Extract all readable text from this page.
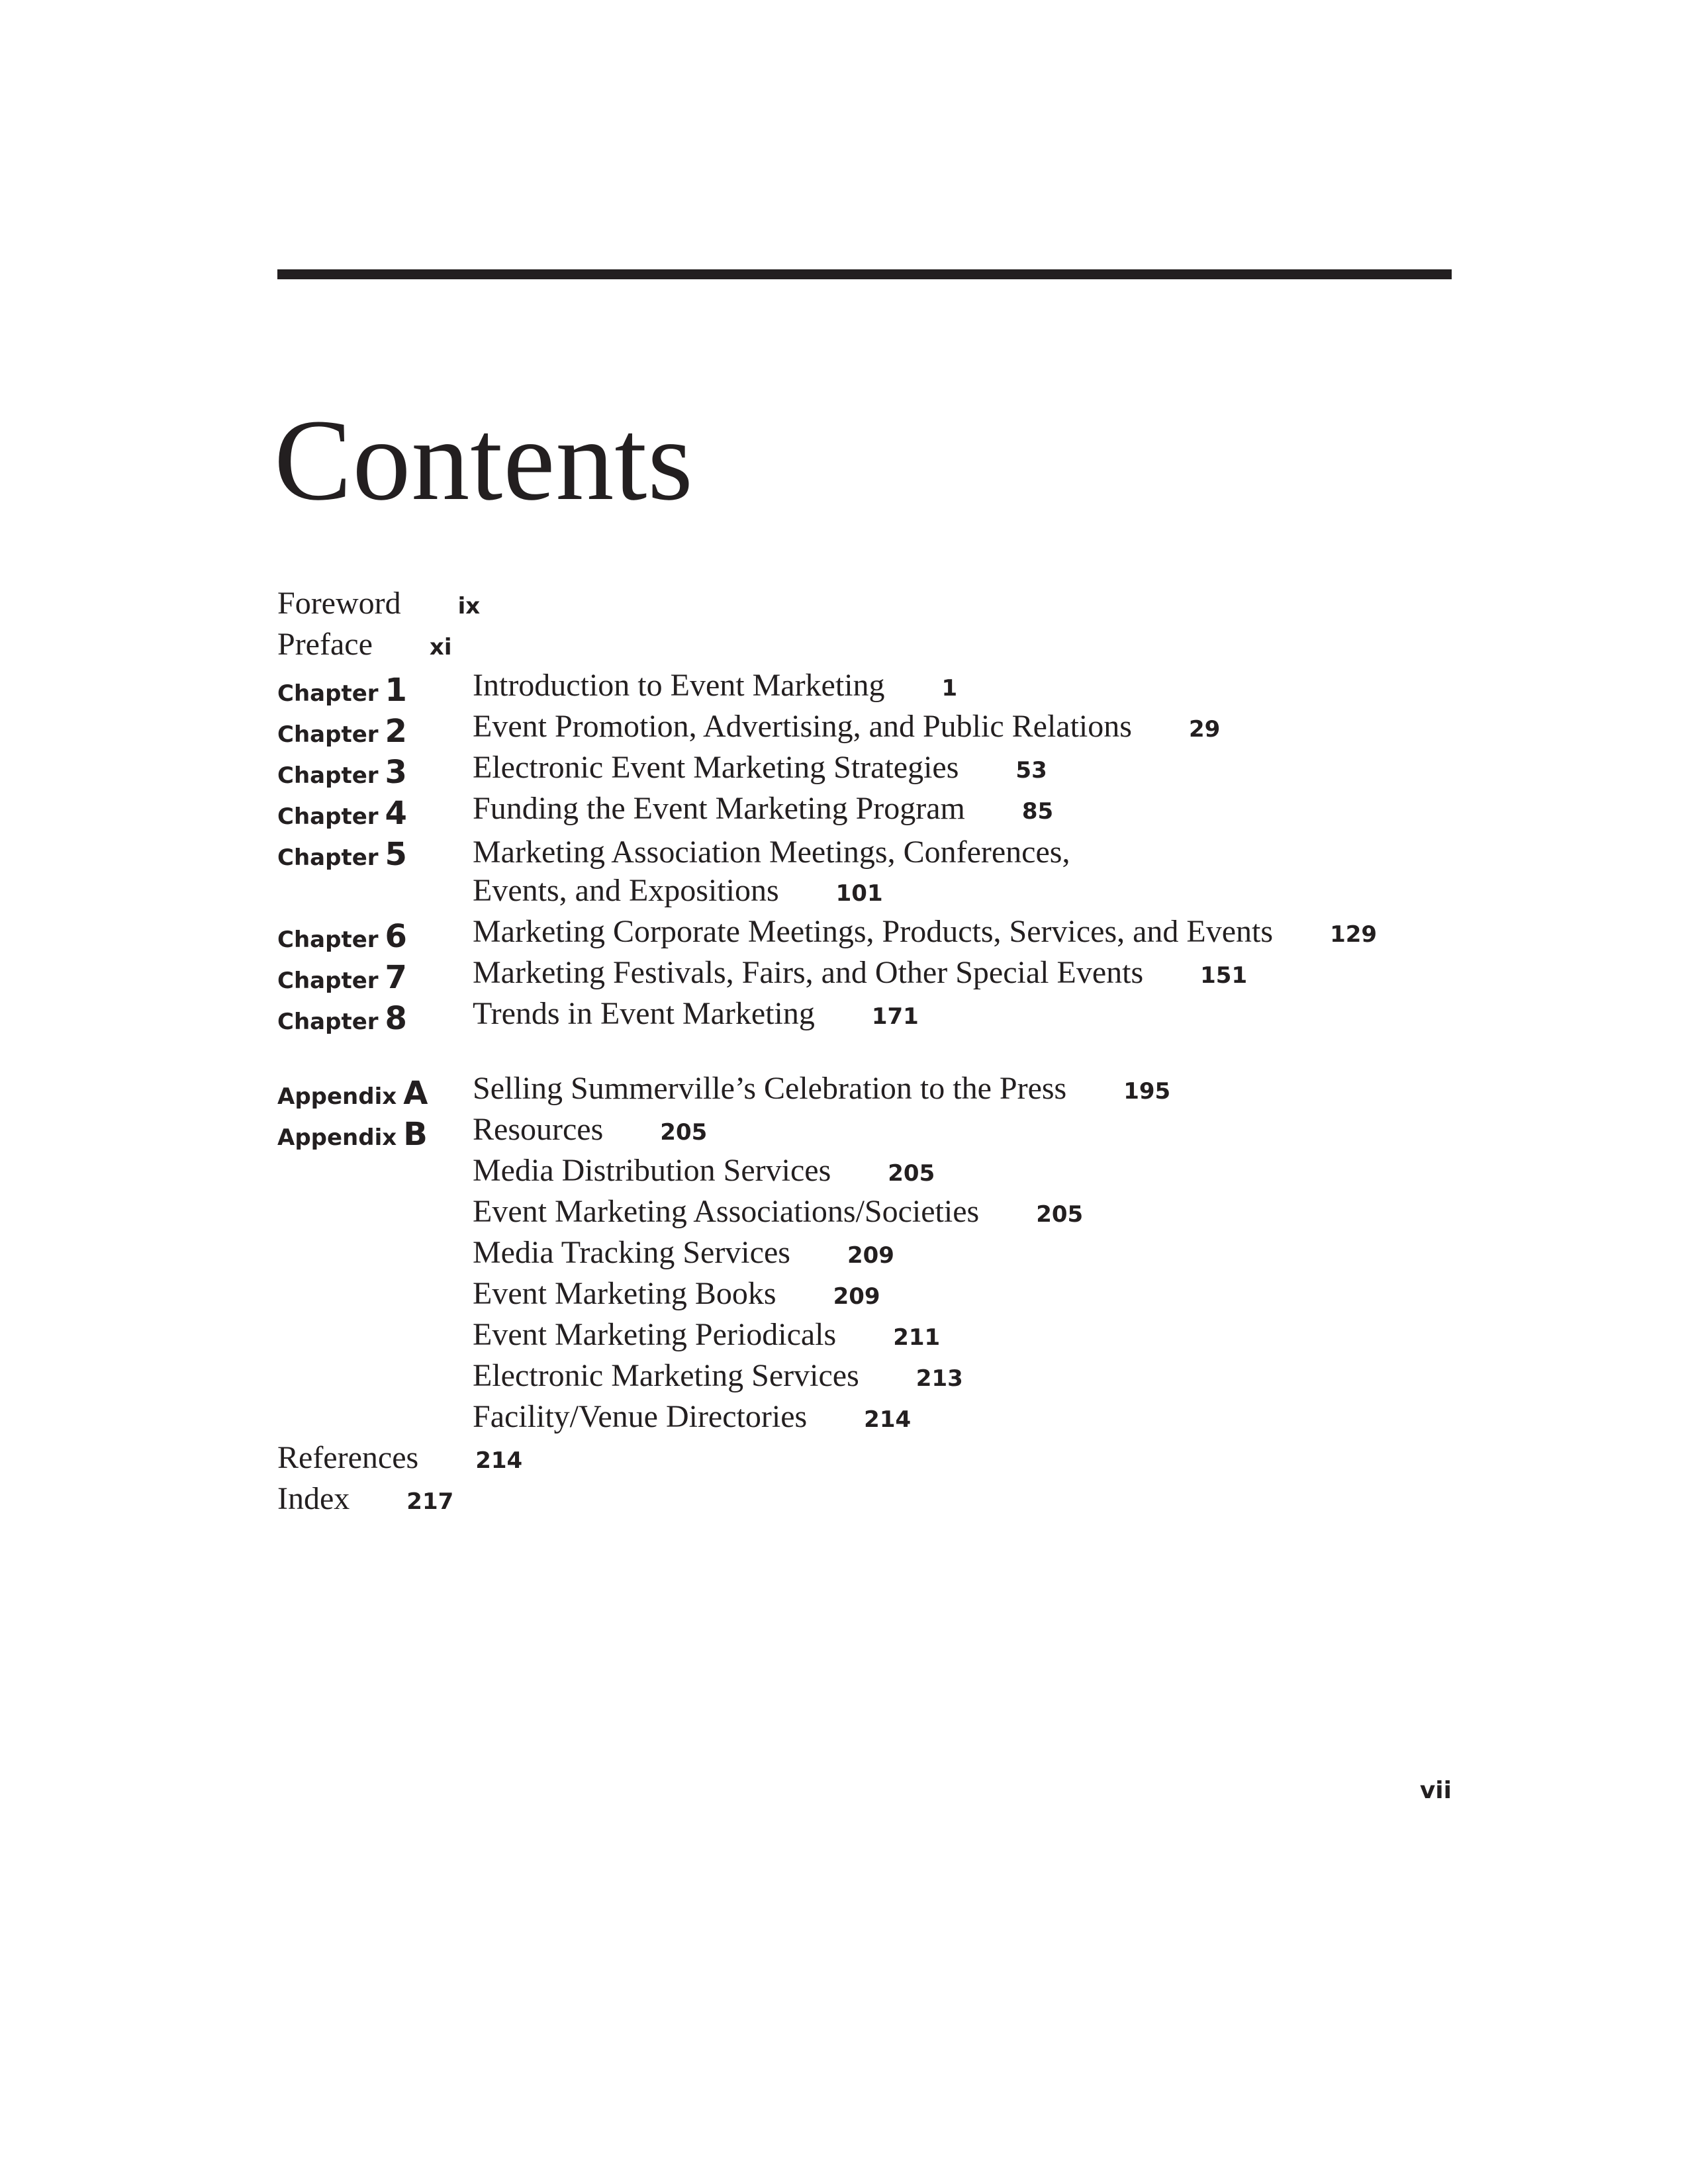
Contents
Foreword	ix
Preface	xi
Chapter 1 Introduction to Event Marketing	1
Chapter 2 Event Promotion, Advertising, and Public Relations	29
Chapter 3 Electronic Event Marketing Strategies	53
Chapter 4 Funding the Event Marketing Program	85
Chapter 5 Marketing Association Meetings, Conferences,
Events, and Expositions	101
Chapter 6 Marketing Corporate Meetings, Products, Services, and Events	129
Chapter 7 Marketing Festivals, Fairs, and Other Special Events	151
Chapter 8 Trends in Event Marketing	171
Appendix A Selling Summerville’s Celebration to the Press	195
Appendix B Resources	205
Media Distribution Services	205
Event Marketing Associations/Societies	205
Media Tracking Services	209
Event Marketing Books	209
Event Marketing Periodicals	211
Electronic Marketing Services	213
Facility/Venue Directories	214
References	214
Index	217
vii
